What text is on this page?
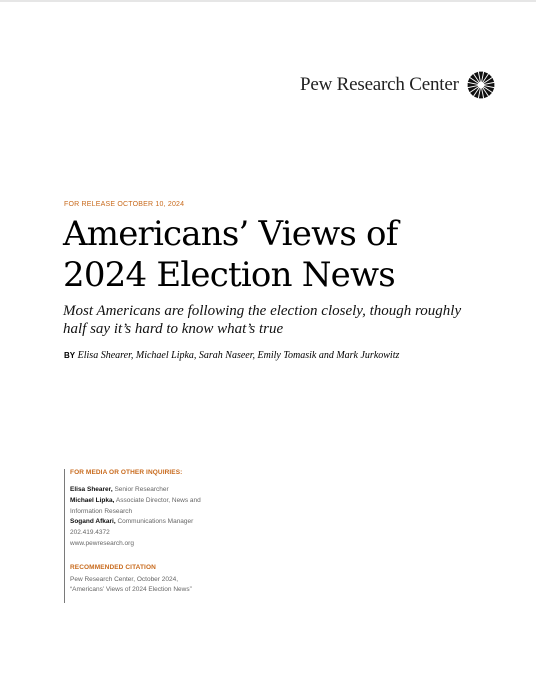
Pew Research Center
FOR RELEASE OCTOBER 10, 2024
Americans’ Views of
2024 Election News
Most Americans are following the election closely, though roughly
half say it’s hard to know what’s true
BY Elisa Shearer, Michael Lipka, Sarah Naseer, Emily Tomasik and Mark Jurkowitz
FOR MEDIA OR OTHER INQUIRIES:
Elisa Shearer, Senior Researcher
Michael Lipka, Associate Director, News and
Information Research
Sogand Afkari, Communications Manager
202.419.4372
www.pewresearch.org
RECOMMENDED CITATION
Pew Research Center, October 2024,
“Americans’ Views of 2024 Election News”
